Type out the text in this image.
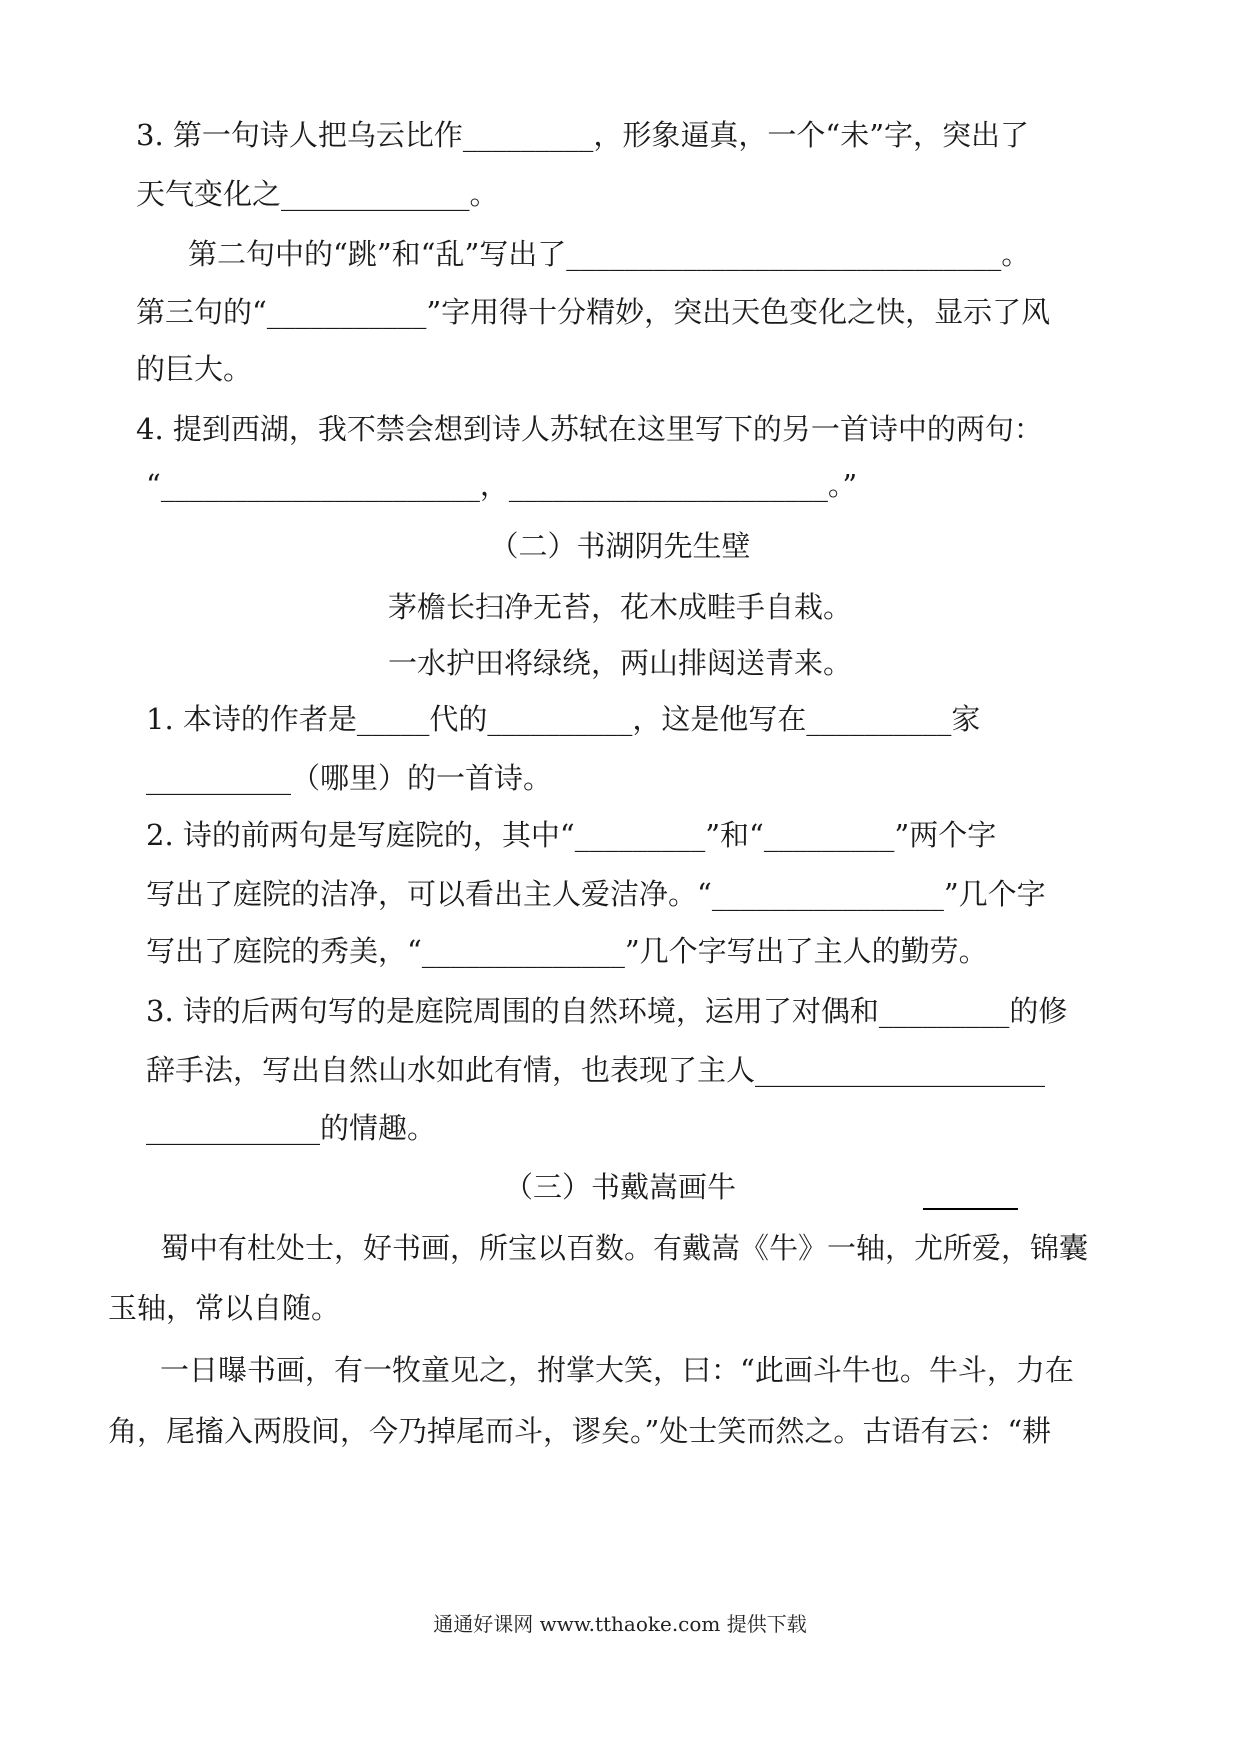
3. 第一句诗人把乌云比作_________，形象逼真，一个“未”字，突出了
天气变化之_____________。
第二句中的“跳”和“乱”写出了______________________________。
第三句的“___________”字用得十分精妙，突出天色变化之快，显示了风
的巨大。
4. 提到西湖，我不禁会想到诗人苏轼在这里写下的另一首诗中的两句：
“______________________，______________________。”
（二）书湖阴先生壁
茅檐长扫净无苔，花木成畦手自栽。
一水护田将绿绕，两山排闼送青来。
1. 本诗的作者是_____代的__________，这是他写在__________家
__________（哪里）的一首诗。
2. 诗的前两句是写庭院的，其中“_________”和“_________”两个字
写出了庭院的洁净，可以看出主人爱洁净。“________________”几个字
写出了庭院的秀美，“______________”几个字写出了主人的勤劳。
3. 诗的后两句写的是庭院周围的自然环境，运用了对偶和_________的修
辞手法，写出自然山水如此有情，也表现了主人____________________
____________的情趣。
（三）书戴嵩画牛
蜀中有杜处士，好书画，所宝以百数。有戴嵩《牛》一轴，尤所爱，锦囊
玉轴，常以自随。
一日曝书画，有一牧童见之，拊掌大笑，曰：“此画斗牛也。牛斗，力在
角，尾搐入两股间，今乃掉尾而斗，谬矣。”处士笑而然之。古语有云：“耕
通通好课网 www.tthaoke.com 提供下载
